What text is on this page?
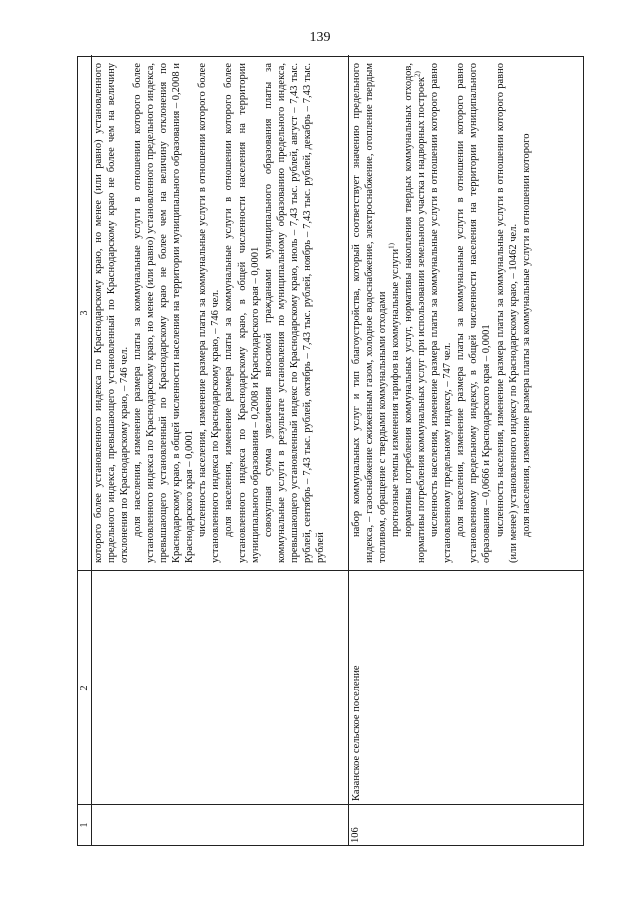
139
1
2
3 которого более установленного индекса по Краснодарскому краю, но менее (или равно) установленного предельного индекса, превышающего установленный по Краснодарскому краю не более чем на величину отклонения по Краснодарскому краю, – 746 чел. доля населения, изменение размера платы за коммунальные услуги в отношении которого более установленного индекса по Краснодарскому краю, но менее (или равно) установленного предельного индекса, превышающего установленный по Краснодарскому краю не более чем на величину отклонения по Краснодарскому краю, в общей численности населения на территории муниципального образования – 0,2008 и Краснодарского края – 0,0001 численность населения, изменение размера платы за коммунальные услуги в отношении которого более установленного индекса по Краснодарскому краю, – 746 чел. доля населения, изменение размера платы за коммунальные услуги в отношении которого более установленного индекса по Краснодарскому краю, в общей численности населения на территории муниципального образования – 0,2008 и Краснодарского края – 0,0001 совокупная сумма увеличения вносимой гражданами муниципального образования платы за коммунальные услуги в результате установления по муниципальному образованию предельного индекса, превышающего установленный индекс по Краснодарскому краю, июль – 7,43 тыс. рублей, август – 7,43 тыс. рублей, сентябрь – 7,43 тыс. рублей, октябрь – 7,43 тыс. рублей, ноябрь – 7,43 тыс. рублей, декабрь – 7,43 тыс. рублей

106
Казанское сельское поселение

набор коммунальных услуг и тип благоустройства, который соответствует значению предельного индекса, – газоснабжение сжиженным газом, холодное водоснабжение, электроснабжение, отопление твердым топливом, обращение с твердыми коммунальными отходами прогнозные темпы изменения тарифов на коммунальные услуги$^{1)}$ нормативы потребления коммунальных услуг, нормативы накопления твердых коммунальных отходов, нормативы потребления коммунальных услуг при использовании земельного участка и надворных построек$^{2)}$ численность населения, изменение размера платы за коммунальные услуги в отношении которого равно установленному предельному индексу, – 747 чел. доля населения, изменение размера платы за коммунальные услуги в отношении которого равно установленному предельному индексу, в общей численности населения на территории муниципального образования – 0,0666 и Краснодарского края – 0,0001 численность населения, изменение размера платы за коммунальные услуги в отношении которого равно (или менее) установленного индексу по Краснодарскому краю, – 10462 чел. доля населения, изменение размера платы за коммунальные услуги в отношении которого
